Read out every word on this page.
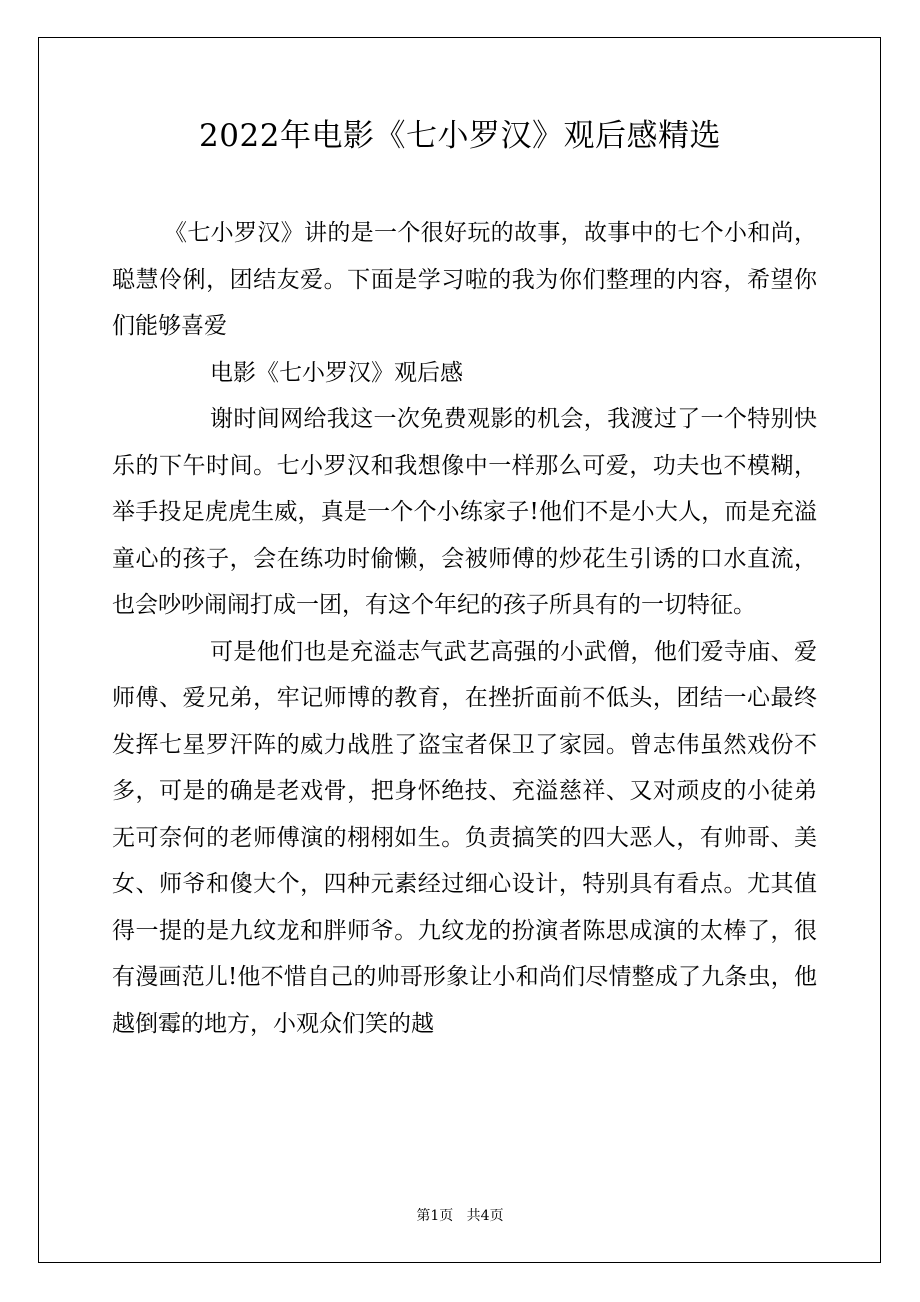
2022年电影《七小罗汉》观后感精选

《七小罗汉》讲的是一个很好玩的故事，故事中的七个小和尚，聪慧伶俐，团结友爱。下面是学习啦的我为你们整理的内容，希望你们能够喜爱

电影《七小罗汉》观后感

谢时间网给我这一次免费观影的机会，我渡过了一个特别快乐的下午时间。七小罗汉和我想像中一样那么可爱，功夫也不模糊，举手投足虎虎生威，真是一个个小练家子!他们不是小大人，而是充溢童心的孩子，会在练功时偷懒，会被师傅的炒花生引诱的口水直流，也会吵吵闹闹打成一团，有这个年纪的孩子所具有的一切特征。

可是他们也是充溢志气武艺高强的小武僧，他们爱寺庙、爱师傅、爱兄弟，牢记师博的教育，在挫折面前不低头，团结一心最终发挥七星罗汗阵的威力战胜了盗宝者保卫了家园。曾志伟虽然戏份不多，可是的确是老戏骨，把身怀绝技、充溢慈祥、又对顽皮的小徒弟无可奈何的老师傅演的栩栩如生。负责搞笑的四大恶人，有帅哥、美女、师爷和傻大个，四种元素经过细心设计，特别具有看点。尤其值得一提的是九纹龙和胖师爷。九纹龙的扮演者陈思成演的太棒了，很有漫画范儿!他不惜自己的帅哥形象让小和尚们尽情整成了九条虫，他越倒霉的地方，小观众们笑的越

第1页 共4页
